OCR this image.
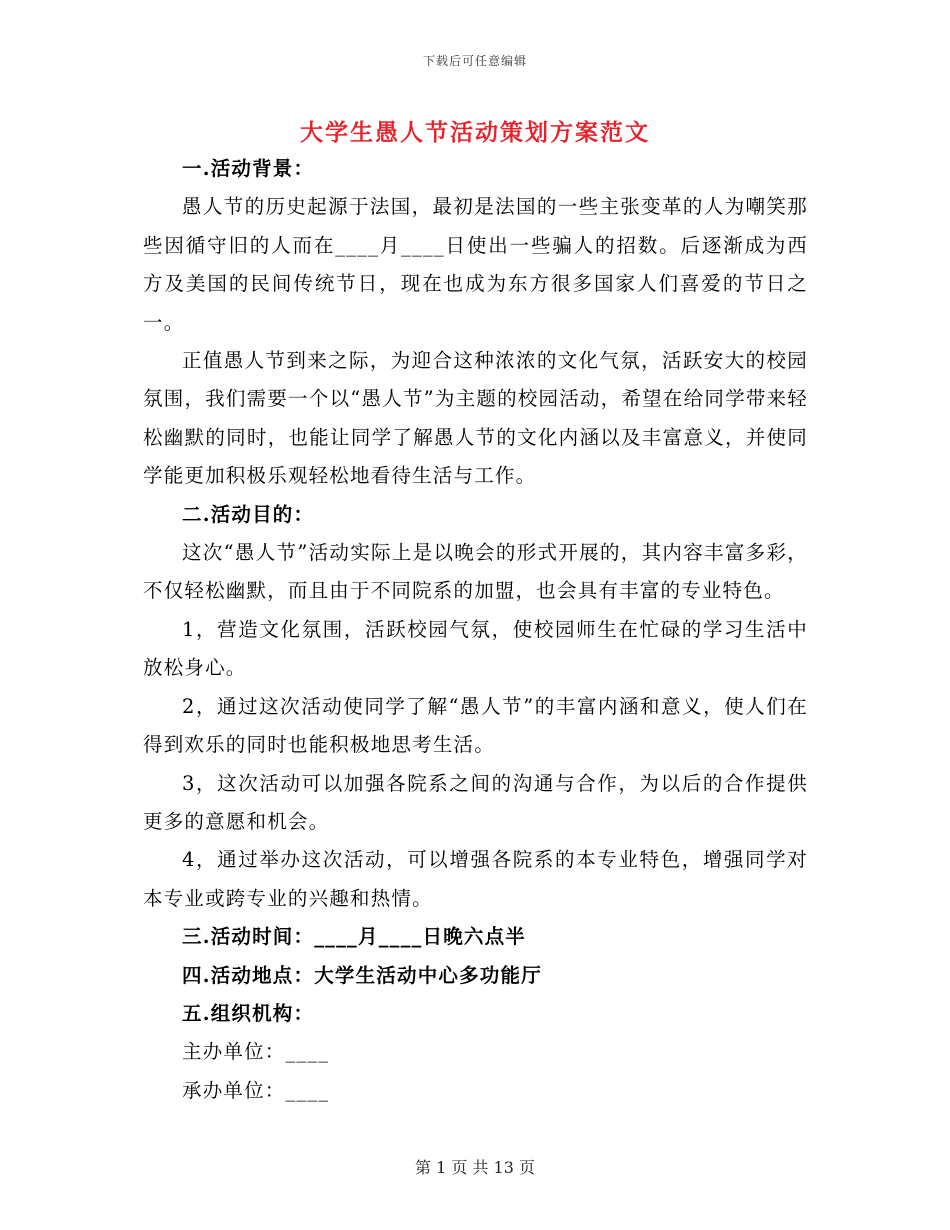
下载后可任意编辑
大学生愚人节活动策划方案范文

一.活动背景：

愚人节的历史起源于法国，最初是法国的一些主张变革的人为嘲笑那些因循守旧的人而在____月____日使出一些骗人的招数。后逐渐成为西方及美国的民间传统节日，现在也成为东方很多国家人们喜爱的节日之一。

正值愚人节到来之际，为迎合这种浓浓的文化气氛，活跃安大的校园氛围，我们需要一个以“愚人节”为主题的校园活动，希望在给同学带来轻松幽默的同时，也能让同学了解愚人节的文化内涵以及丰富意义，并使同学能更加积极乐观轻松地看待生活与工作。

二.活动目的：

这次“愚人节”活动实际上是以晚会的形式开展的，其内容丰富多彩，不仅轻松幽默，而且由于不同院系的加盟，也会具有丰富的专业特色。

1，营造文化氛围，活跃校园气氛，使校园师生在忙碌的学习生活中放松身心。

2，通过这次活动使同学了解“愚人节”的丰富内涵和意义，使人们在得到欢乐的同时也能积极地思考生活。

3，这次活动可以加强各院系之间的沟通与合作，为以后的合作提供更多的意愿和机会。

4，通过举办这次活动，可以增强各院系的本专业特色，增强同学对本专业或跨专业的兴趣和热情。

三.活动时间：____月____日晚六点半

四.活动地点：大学生活动中心多功能厅

五.组织机构：

主办单位：____

承办单位：____

第 1 页 共 13 页
